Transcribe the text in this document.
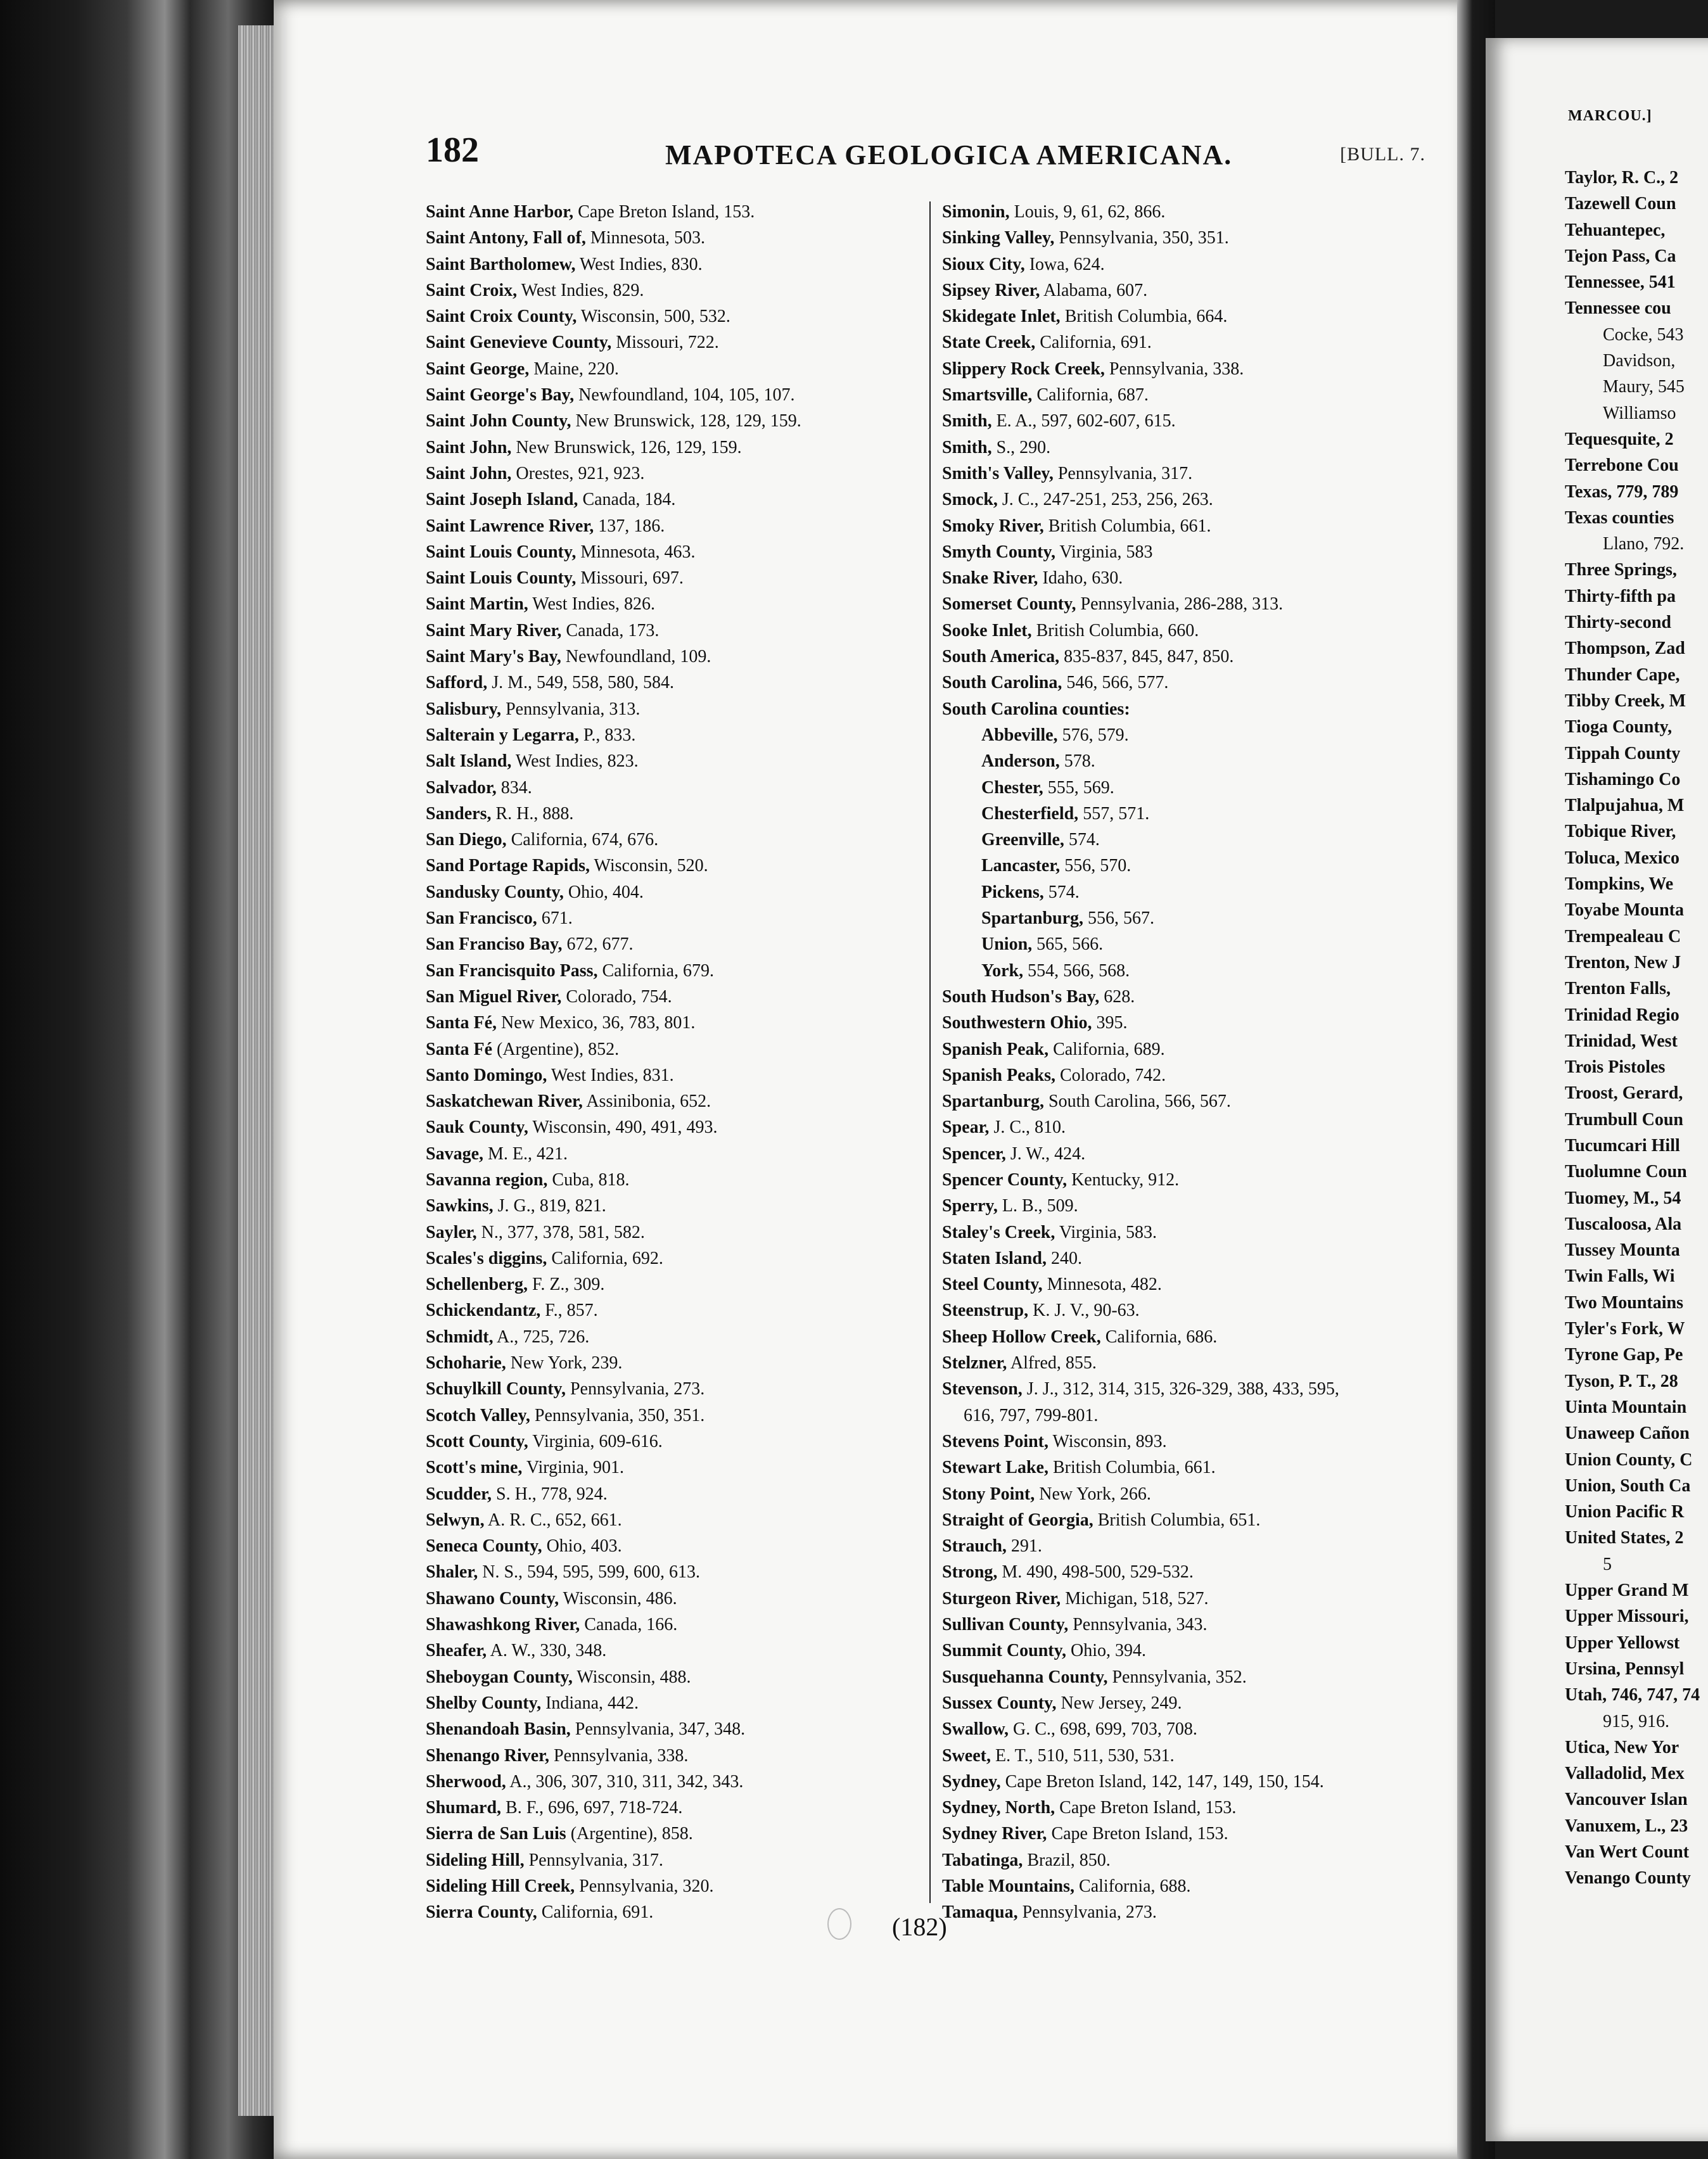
182	MAPOTECA GEOLOGICA AMERICANA.	[BULL. 7.
Saint Anne Harbor, Cape Breton Island, 153.
Saint Antony, Fall of, Minnesota, 503.
Saint Bartholomew, West Indies, 830.
Saint Croix, West Indies, 829.
Saint Croix County, Wisconsin, 500, 532.
Saint Genevieve County, Missouri, 722.
Saint George, Maine, 220.
Saint George's Bay, Newfoundland, 104, 105, 107.
Saint John County, New Brunswick, 128, 129, 159.
Saint John, New Brunswick, 126, 129, 159.
Saint John, Orestes, 921, 923.
Saint Joseph Island, Canada, 184.
Saint Lawrence River, 137, 186.
Saint Louis County, Minnesota, 463.
Saint Louis County, Missouri, 697.
Saint Martin, West Indies, 826.
Saint Mary River, Canada, 173.
Saint Mary's Bay, Newfoundland, 109.
Safford, J. M., 549, 558, 580, 584.
Salisbury, Pennsylvania, 313.
Salterain y Legarra, P., 833.
Salt Island, West Indies, 823.
Salvador, 834.
Sanders, R. H., 888.
San Diego, California, 674, 676.
Sand Portage Rapids, Wisconsin, 520.
Sandusky County, Ohio, 404.
San Francisco, 671.
San Franciso Bay, 672, 677.
San Francisquito Pass, California, 679.
San Miguel River, Colorado, 754.
Santa Fé, New Mexico, 36, 783, 801.
Santa Fé (Argentine), 852.
Santo Domingo, West Indies, 831.
Saskatchewan River, Assinibonia, 652.
Sauk County, Wisconsin, 490, 491, 493.
Savage, M. E., 421.
Savanna region, Cuba, 818.
Sawkins, J. G., 819, 821.
Sayler, N., 377, 378, 581, 582.
Scales's diggins, California, 692.
Schellenberg, F. Z., 309.
Schickendantz, F., 857.
Schmidt, A., 725, 726.
Schoharie, New York, 239.
Schuylkill County, Pennsylvania, 273.
Scotch Valley, Pennsylvania, 350, 351.
Scott County, Virginia, 609-616.
Scott's mine, Virginia, 901.
Scudder, S. H., 778, 924.
Selwyn, A. R. C., 652, 661.
Seneca County, Ohio, 403.
Shaler, N. S., 594, 595, 599, 600, 613.
Shawano County, Wisconsin, 486.
Shawashkong River, Canada, 166.
Sheafer, A. W., 330, 348.
Sheboygan County, Wisconsin, 488.
Shelby County, Indiana, 442.
Shenandoah Basin, Pennsylvania, 347, 348.
Shenango River, Pennsylvania, 338.
Sherwood, A., 306, 307, 310, 311, 342, 343.
Shumard, B. F., 696, 697, 718-724.
Sierra de San Luis (Argentine), 858.
Sideling Hill, Pennsylvania, 317.
Sideling Hill Creek, Pennsylvania, 320.
Sierra County, California, 691.
Simonin, Louis, 9, 61, 62, 866.
Sinking Valley, Pennsylvania, 350, 351.
Sioux City, Iowa, 624.
Sipsey River, Alabama, 607.
Skidegate Inlet, British Columbia, 664.
State Creek, California, 691.
Slippery Rock Creek, Pennsylvania, 338.
Smartsville, California, 687.
Smith, E. A., 597, 602-607, 615.
Smith, S., 290.
Smith's Valley, Pennsylvania, 317.
Smock, J. C., 247-251, 253, 256, 263.
Smoky River, British Columbia, 661.
Smyth County, Virginia, 583
Snake River, Idaho, 630.
Somerset County, Pennsylvania, 286-288, 313.
Sooke Inlet, British Columbia, 660.
South America, 835-837, 845, 847, 850.
South Carolina, 546, 566, 577.
South Carolina counties:
Abbeville, 576, 579.
Anderson, 578.
Chester, 555, 569.
Chesterfield, 557, 571.
Greenville, 574.
Lancaster, 556, 570.
Pickens, 574.
Spartanburg, 556, 567.
Union, 565, 566.
York, 554, 566, 568.
South Hudson's Bay, 628.
Southwestern Ohio, 395.
Spanish Peak, California, 689.
Spanish Peaks, Colorado, 742.
Spartanburg, South Carolina, 566, 567.
Spear, J. C., 810.
Spencer, J. W., 424.
Spencer County, Kentucky, 912.
Sperry, L. B., 509.
Staley's Creek, Virginia, 583.
Staten Island, 240.
Steel County, Minnesota, 482.
Steenstrup, K. J. V., 90-63.
Sheep Hollow Creek, California, 686.
Stelzner, Alfred, 855.
Stevenson, J. J., 312, 314, 315, 326-329, 388, 433, 595,
616, 797, 799-801.
Stevens Point, Wisconsin, 893.
Stewart Lake, British Columbia, 661.
Stony Point, New York, 266.
Straight of Georgia, British Columbia, 651.
Strauch, 291.
Strong, M. 490, 498-500, 529-532.
Sturgeon River, Michigan, 518, 527.
Sullivan County, Pennsylvania, 343.
Summit County, Ohio, 394.
Susquehanna County, Pennsylvania, 352.
Sussex County, New Jersey, 249.
Swallow, G. C., 698, 699, 703, 708.
Sweet, E. T., 510, 511, 530, 531.
Sydney, Cape Breton Island, 142, 147, 149, 150, 154.
Sydney, North, Cape Breton Island, 153.
Sydney River, Cape Breton Island, 153.
Tabatinga, Brazil, 850.
Table Mountains, California, 688.
Tamaqua, Pennsylvania, 273.
(182)
MARCOU.]
Taylor, R. C., 2
Tazewell Coun
Tehuantepec,
Tejon Pass, Ca
Tennessee, 541
Tennessee cou
Cocke, 543
Davidson,
Maury, 545
Williamso
Tequesquite, 2
Terrebone Cou
Texas, 779, 789
Texas counties
Llano, 792.
Three Springs,
Thirty-fifth pa
Thirty-second
Thompson, Zad
Thunder Cape,
Tibby Creek, M
Tioga County,
Tippah County
Tishamingo Co
Tlalpujahua, M
Tobique River,
Toluca, Mexico
Tompkins, We
Toyabe Mounta
Trempealeau C
Trenton, New J
Trenton Falls,
Trinidad Regio
Trinidad, West
Trois Pistoles
Troost, Gerard,
Trumbull Coun
Tucumcari Hill
Tuolumne Coun
Tuomey, M., 54
Tuscaloosa, Ala
Tussey Mounta
Twin Falls, Wi
Two Mountains
Tyler's Fork, W
Tyrone Gap, Pe
Tyson, P. T., 28
Uinta Mountain
Unaweep Cañon
Union County, C
Union, South Ca
Union Pacific R
United States, 2
5
Upper Grand M
Upper Missouri,
Upper Yellowst
Ursina, Pennsyl
Utah, 746, 747, 74
915, 916.
Utica, New Yor
Valladolid, Mex
Vancouver Islan
Vanuxem, L., 23
Van Wert Count
Venango County
